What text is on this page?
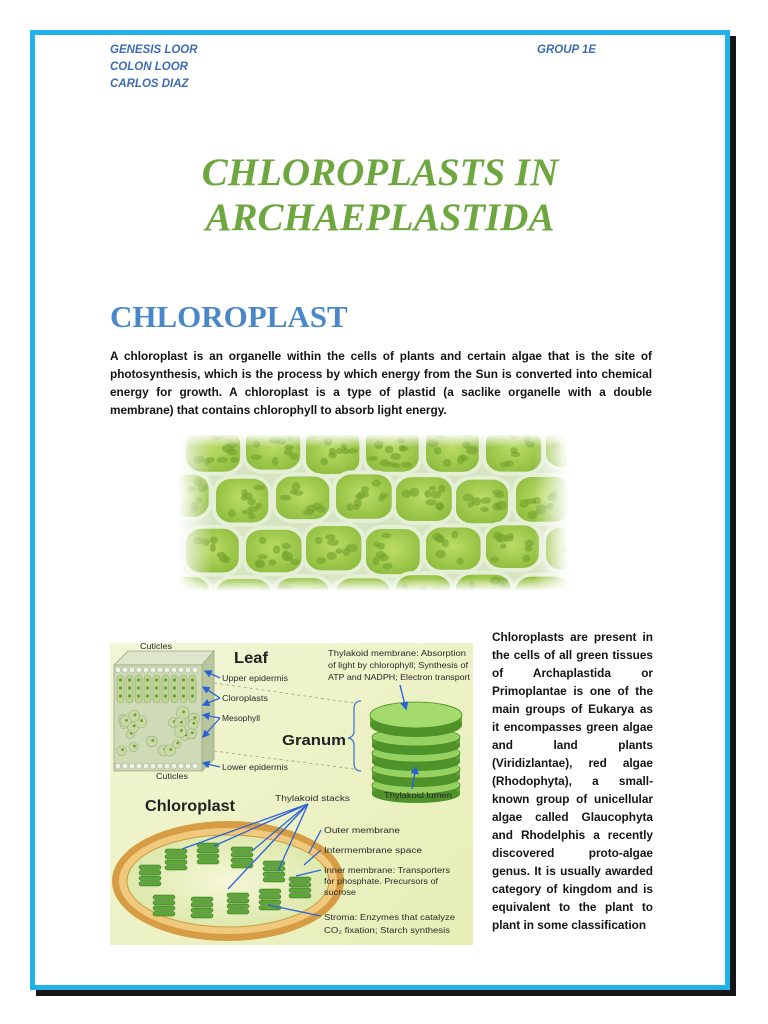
GENESIS LOOR
COLON LOOR
CARLOS DIAZ
GROUP 1E
CHLOROPLASTS IN
ARCHAEPLASTIDA
CHLOROPLAST
A chloroplast is an organelle within the cells of plants and certain algae that is the site of photosynthesis, which is the process by which energy from the Sun is converted into chemical energy for growth. A chloroplast is a type of plastid (a saclike organelle with a double membrane) that contains chlorophyll to absorb light energy.
Cuticles
Leaf
Upper epidermis
Cloroplasts
Mesophyll
Lower epidermis
Cuticles
Thylakoid membrane: Absorption
of light by chlorophyll; Synthesis of
ATP and NADPH; Electron transport
Granum
Thylakoid lumen
Chloroplast	Thylakoid stacks
Outer membrane
Intermembrane space
Inner membrane: Transporters
for phosphate. Precursors of
sucrose
Stroma: Enzymes that catalyze
CO₂ fixation; Starch synthesis
Chloroplasts are present in the cells of all green tissues of Archaplastida or Primoplantae is one of the main groups of Eukarya as it encompasses green algae and land plants (Viridizlantae), red algae (Rhodophyta), a small-known group of unicellular algae called Glaucophyta and Rhodelphis a recently discovered proto-algae genus. It is usually awarded category of kingdom and is equivalent to the plant to plant in some classification
